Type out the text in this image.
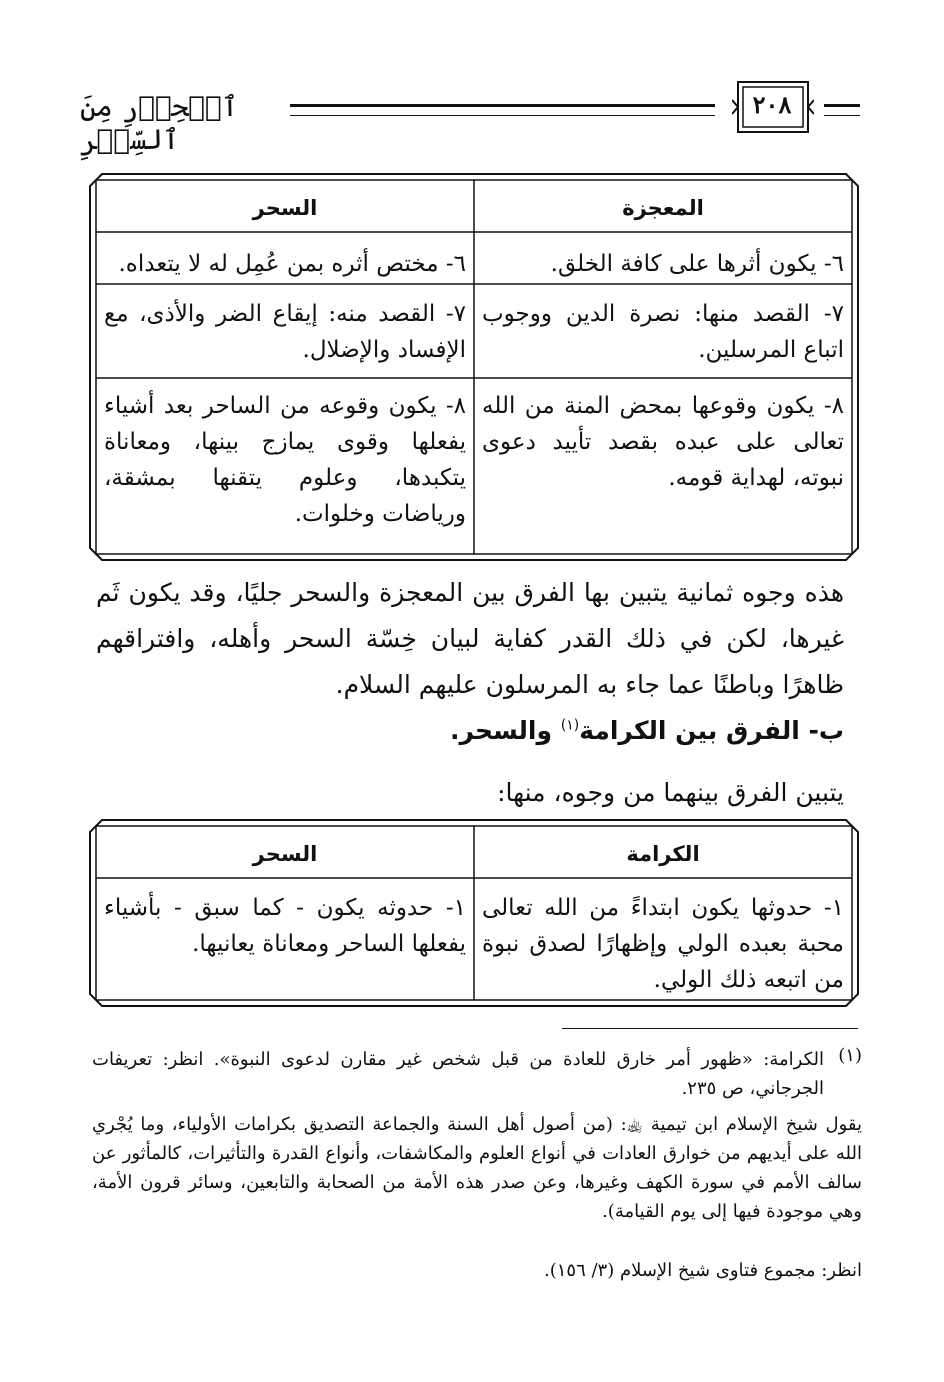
٢٠٨
ٱلۡحِذۡرِ مِنَ ٱلسِّحۡرِ
المعجزة
السحر
٦- يكون أثرها على كافة الخلق.
٦- مختص أثره بمن عُمِل له لا يتعداه.
٧- القصد منها: نصرة الدين ووجوب اتباع المرسلين.
٧- القصد منه: إيقاع الضر والأذى، مع الإفساد والإضلال.
٨- يكون وقوعها بمحض المنة من الله تعالى على عبده بقصد تأييد دعوى نبوته، لهداية قومه.
٨- يكون وقوعه من الساحر بعد أشياء يفعلها وقوى يمازج بينها، ومعاناة يتكبدها، وعلوم يتقنها بمشقة، ورياضات وخلوات.
هذه وجوه ثمانية يتبين بها الفرق بين المعجزة والسحر جليًا، وقد يكون ثَم غيرها، لكن في ذلك القدر كفاية لبيان خِسّة السحر وأهله، وافتراقهم ظاهرًا وباطنًا عما جاء به المرسلون عليهم السلام.
ب- الفرق بين الكرامة$^{(١)}$ والسحر.
يتبين الفرق بينهما من وجوه، منها:
الكرامة
السحر
١- حدوثها يكون ابتداءً من الله تعالى محبة بعبده الولي وإظهارًا لصدق نبوة من اتبعه ذلك الولي.
١- حدوثه يكون - كما سبق - بأشياء يفعلها الساحر ومعاناة يعانيها.
(١)
الكرامة: «ظهور أمر خارق للعادة من قبل شخص غير مقارن لدعوى النبوة». انظر: تعريفات الجرجاني، ص ٢٣٥.
يقول شيخ الإسلام ابن تيمية ﵀: (من أصول أهل السنة والجماعة التصديق بكرامات الأولياء، وما يُجْري الله على أيديهم من خوارق العادات في أنواع العلوم والمكاشفات، وأنواع القدرة والتأثيرات، كالمأثور عن سالف الأمم في سورة الكهف وغيرها، وعن صدر هذه الأمة من الصحابة والتابعين، وسائر قرون الأمة، وهي موجودة فيها إلى يوم القيامة).
انظر: مجموع فتاوى شيخ الإسلام (٣/ ١٥٦).
